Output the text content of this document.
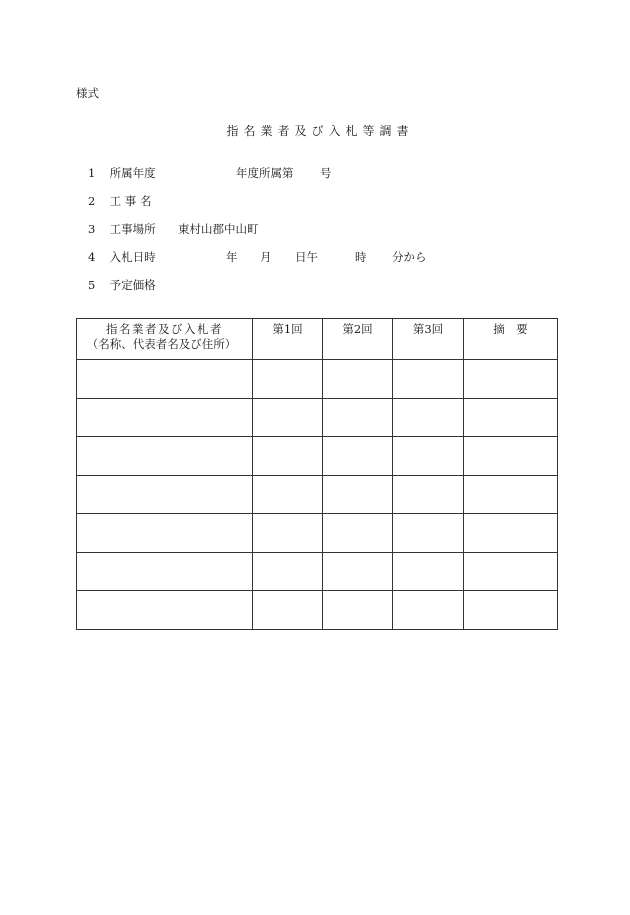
様式
指名業者及び入札等調書
1 所属年度	年度所属第 号
2 工 事 名
3 工事場所 東村山郡中山町
4 入札日時	年 月 日午	時 分から
5 予定価格
指名業者及び入札者
（名称、代表者名及び住所）	第1回	第2回	第3回	摘　要
